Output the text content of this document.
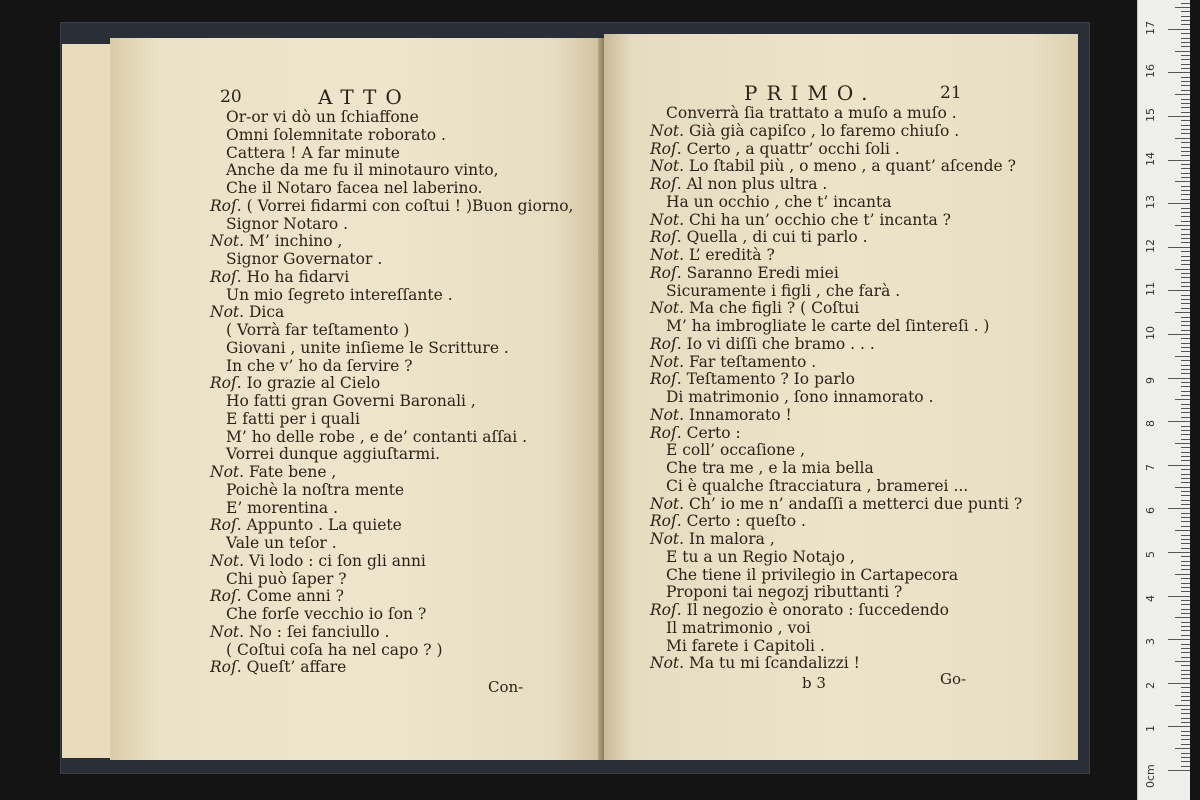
20	ATTO
Or-or vi dò un ſchiaffone
Omni ſolemnitate roborato .
Cattera ! A far minute
Anche da me fu il minotauro vinto,
Che il Notaro facea nel laberino.
Roſ. ( Vorrei fidarmi con coſtui ! )Buon giorno,
Signor Notaro .
Not. M’ inchino ,
Signor Governator .
Roſ. Ho ha fidarvi
Un mio ſegreto intereſſante .
Not. Dica
( Vorrà far teſtamento )
Giovani , unite inſieme le Scritture .
In che v’ ho da ſervire ?
Roſ. Io grazie al Cielo
Ho fatti gran Governi Baronali ,
E fatti per i quali
M’ ho delle robe , e de’ contanti aſſai .
Vorrei dunque aggiuſtarmi.
Not. Fate bene ,
Poichè la noſtra mente
E’ morentina .
Roſ. Appunto . La quiete
Vale un teſor .
Not. Vi lodo : ci ſon gli anni
Chi può ſaper ?
Roſ. Come anni ?
Che forſe vecchio io ſon ?
Not. No : ſei fanciullo .
( Coſtui coſa ha nel capo ? )
Roſ. Queſt’ affare
Con-
PRIMO.	21
Converrà ſia trattato a muſo a muſo .
Not. Già già capiſco , lo faremo chiuſo .
Roſ. Certo , a quattr’ occhi ſoli .
Not. Lo ſtabil più , o meno , a quant’ aſcende ?
Roſ. Al non plus ultra .
Ha un occhio , che t’ incanta
Not. Chi ha un’ occhio che t’ incanta ?
Roſ. Quella , di cui ti parlo .
Not. L’ eredità ?
Roſ. Saranno Eredi miei
Sicuramente i figli , che farà .
Not. Ma che figli ? ( Coſtui
M’ ha imbrogliate le carte del ſintereſi . )
Roſ. Io vi diſſi che bramo . . .
Not. Far teſtamento .
Roſ. Teſtamento ? Io parlo
Di matrimonio , ſono innamorato .
Not. Innamorato !
Roſ. Certo :
E coll’ occaſione ,
Che tra me , e la mia bella
Ci è qualche ſtracciatura , bramerei ...
Not. Ch’ io me n’ andaſſi a metterci due punti ?
Roſ. Certo : queſto .
Not. In malora ,
E tu a un Regio Notajo ,
Che tiene il privilegio in Cartapecora
Proponi tai negozj ributtanti ?
Roſ. Il negozio è onorato : ſuccedendo
Il matrimonio , voi
Mi farete i Capitoli .
Not. Ma tu mi ſcandalizzi !
b 3	Go-
0cm
1
2
3
4
5
6
7
8
9
10
11
12
13
14
15
16
17
